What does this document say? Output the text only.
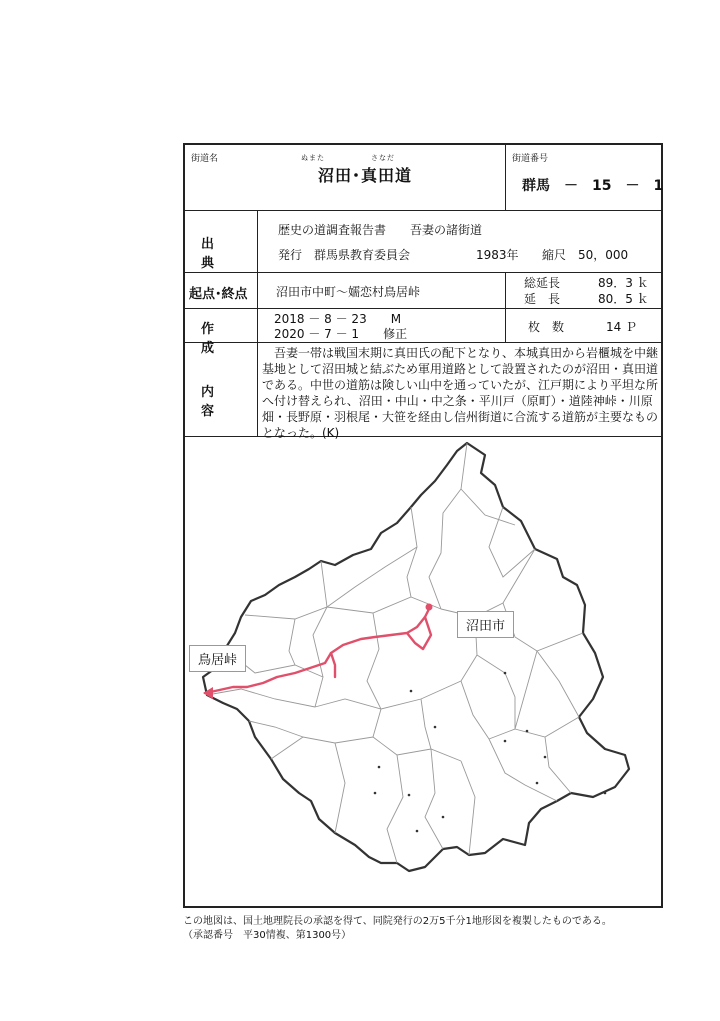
街道名	ぬまた	さなだ
沼田･真田道
街道番号
群馬　－　15　－　1
出　典
歴史の道調査報告書　　吾妻の諸街道
発行　群馬県教育委員会	1983年 縮尺　50，000
起点･終点 沼田市中町～嬬恋村鳥居峠
総延長	89．3 ｋ
延　長	80．5 ｋ
作　成
2018 － 8 － 23　　M
2020 － 7 － 1　　修正	枚　数	14 Ｐ
内　容
　吾妻一帯は戦国末期に真田氏の配下となり、本城真田から岩櫃城を中継基地として沼田城と結ぶため軍用道路として設置されたのが沼田・真田道である。中世の道筋は険しい山中を通っていたが、江戸期により平坦な所へ付け替えられ、沼田・中山・中之条・平川戸（原町）・道陸神峠・川原畑・長野原・羽根尾・大笹を経由し信州街道に合流する道筋が主要なものとなった。(K)
沼田市
鳥居峠
この地図は、国土地理院長の承認を得て、同院発行の2万5千分1地形図を複製したものである。
（承認番号　平30情複、第1300号）
